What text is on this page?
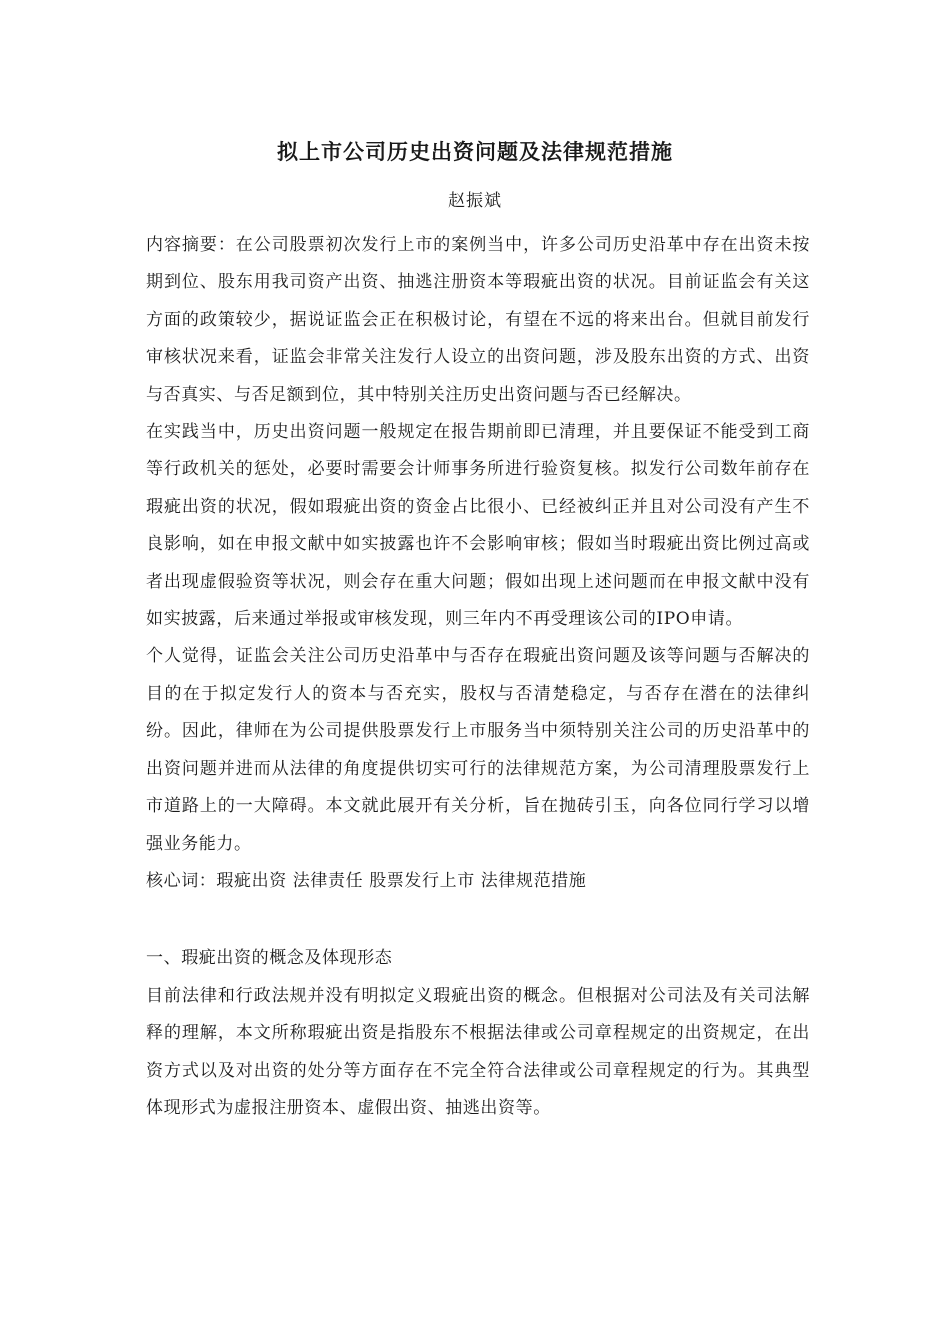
拟上市公司历史出资问题及法律规范措施
赵振斌

内容摘要：在公司股票初次发行上市的案例当中，许多公司历史沿革中存在出资未按期到位、股东用我司资产出资、抽逃注册资本等瑕疵出资的状况。目前证监会有关这方面的政策较少，据说证监会正在积极讨论，有望在不远的将来出台。但就目前发行审核状况来看，证监会非常关注发行人设立的出资问题，涉及股东出资的方式、出资与否真实、与否足额到位，其中特别关注历史出资问题与否已经解决。

在实践当中，历史出资问题一般规定在报告期前即已清理，并且要保证不能受到工商等行政机关的惩处，必要时需要会计师事务所进行验资复核。拟发行公司数年前存在瑕疵出资的状况，假如瑕疵出资的资金占比很小、已经被纠正并且对公司没有产生不良影响，如在申报文献中如实披露也许不会影响审核；假如当时瑕疵出资比例过高或者出现虚假验资等状况，则会存在重大问题；假如出现上述问题而在申报文献中没有如实披露，后来通过举报或审核发现，则三年内不再受理该公司的IPO申请。

个人觉得，证监会关注公司历史沿革中与否存在瑕疵出资问题及该等问题与否解决的目的在于拟定发行人的资本与否充实，股权与否清楚稳定，与否存在潜在的法律纠纷。因此，律师在为公司提供股票发行上市服务当中须特别关注公司的历史沿革中的出资问题并进而从法律的角度提供切实可行的法律规范方案，为公司清理股票发行上市道路上的一大障碍。本文就此展开有关分析，旨在抛砖引玉，向各位同行学习以增强业务能力。

核心词：瑕疵出资 法律责任 股票发行上市 法律规范措施

一、瑕疵出资的概念及体现形态

目前法律和行政法规并没有明拟定义瑕疵出资的概念。但根据对公司法及有关司法解释的理解，本文所称瑕疵出资是指股东不根据法律或公司章程规定的出资规定，在出资方式以及对出资的处分等方面存在不完全符合法律或公司章程规定的行为。其典型体现形式为虚报注册资本、虚假出资、抽逃出资等。
